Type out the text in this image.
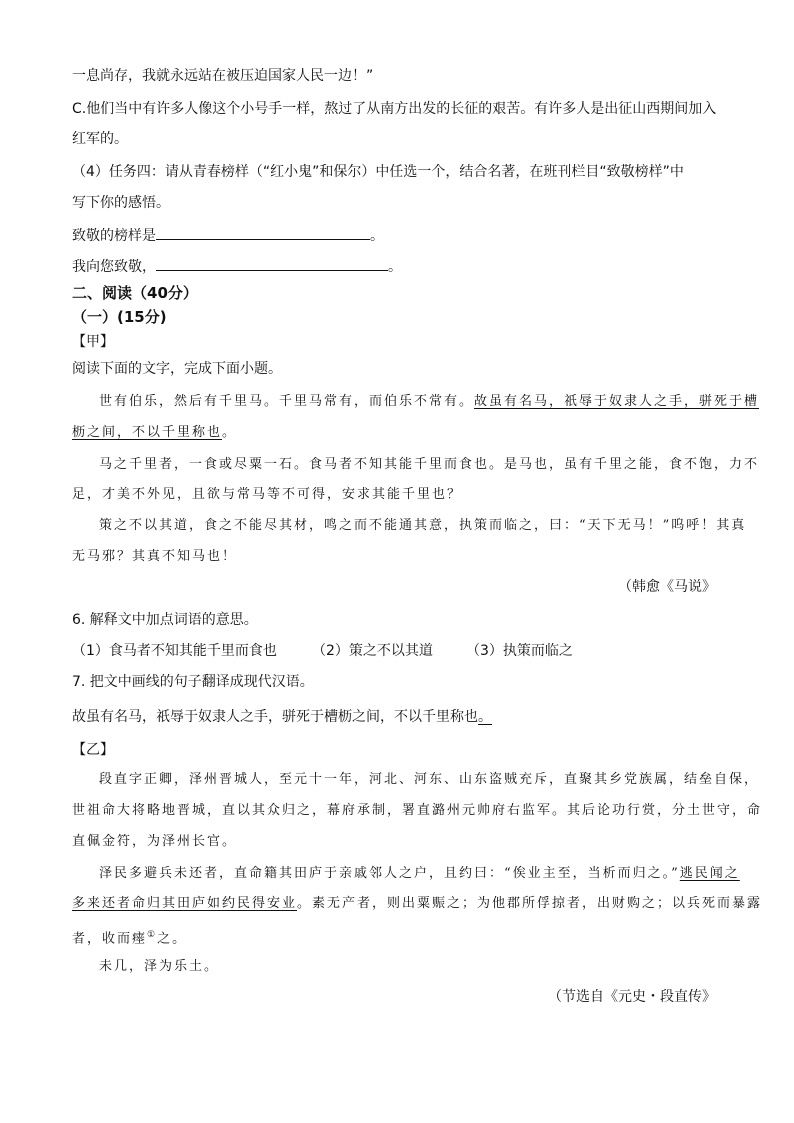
一息尚存，我就永远站在被压迫国家人民一边！”
C.他们当中有许多人像这个小号手一样，熬过了从南方出发的长征的艰苦。有许多人是出征山西期间加入
红军的。
（4）任务四：请从青春榜样（“红小鬼”和保尔）中任选一个，结合名著，在班刊栏目“致敬榜样”中
写下你的感悟。
致敬的榜样是	。
我向您致敬，	。
二、阅读（40分）
（一）(15分)
【甲】
阅读下面的文字，完成下面小题。
世有伯乐，然后有千里马。千里马常有，而伯乐不常有。故虽有名马，祇辱于奴隶人之手，骈死于槽
枥之间，不以千里称也。
马之千里者，一食或尽粟一石。食马者不知其能千里而食也。是马也，虽有千里之能，食不饱，力不
足，才美不外见，且欲与常马等不可得，安求其能千里也？
策之不以其道，食之不能尽其材，鸣之而不能通其意，执策而临之，曰：“天下无马！”呜呼！其真
无马邪？其真不知马也！
（韩愈《马说》
6. 解释文中加点词语的意思。
（1）食马者不知其能千里而食也	（2）策之不以其道 （3）执策而临之
7. 把文中画线的句子翻译成现代汉语。
故虽有名马，祇辱于奴隶人之手，骈死于槽枥之间，不以千里称也。
【乙】
段直字正卿，泽州晋城人，至元十一年，河北、河东、山东盗贼充斥，直聚其乡党族属，结垒自保，
世祖命大将略地晋城，直以其众归之，幕府承制，署直潞州元帅府右监军。其后论功行赏，分土世守，命
直佩金符，为泽州长官。
泽民多避兵未还者，直命籍其田庐于亲戚邻人之户，且约曰：“俟业主至，当析而归之。”逃民闻之
多来还者命归其田庐如约民得安业。素无产者，则出粟赈之；为他郡所俘掠者，出财购之；以兵死而暴露
者，收而瘗①之。
未几，泽为乐土。
（节选自《元史・段直传》
